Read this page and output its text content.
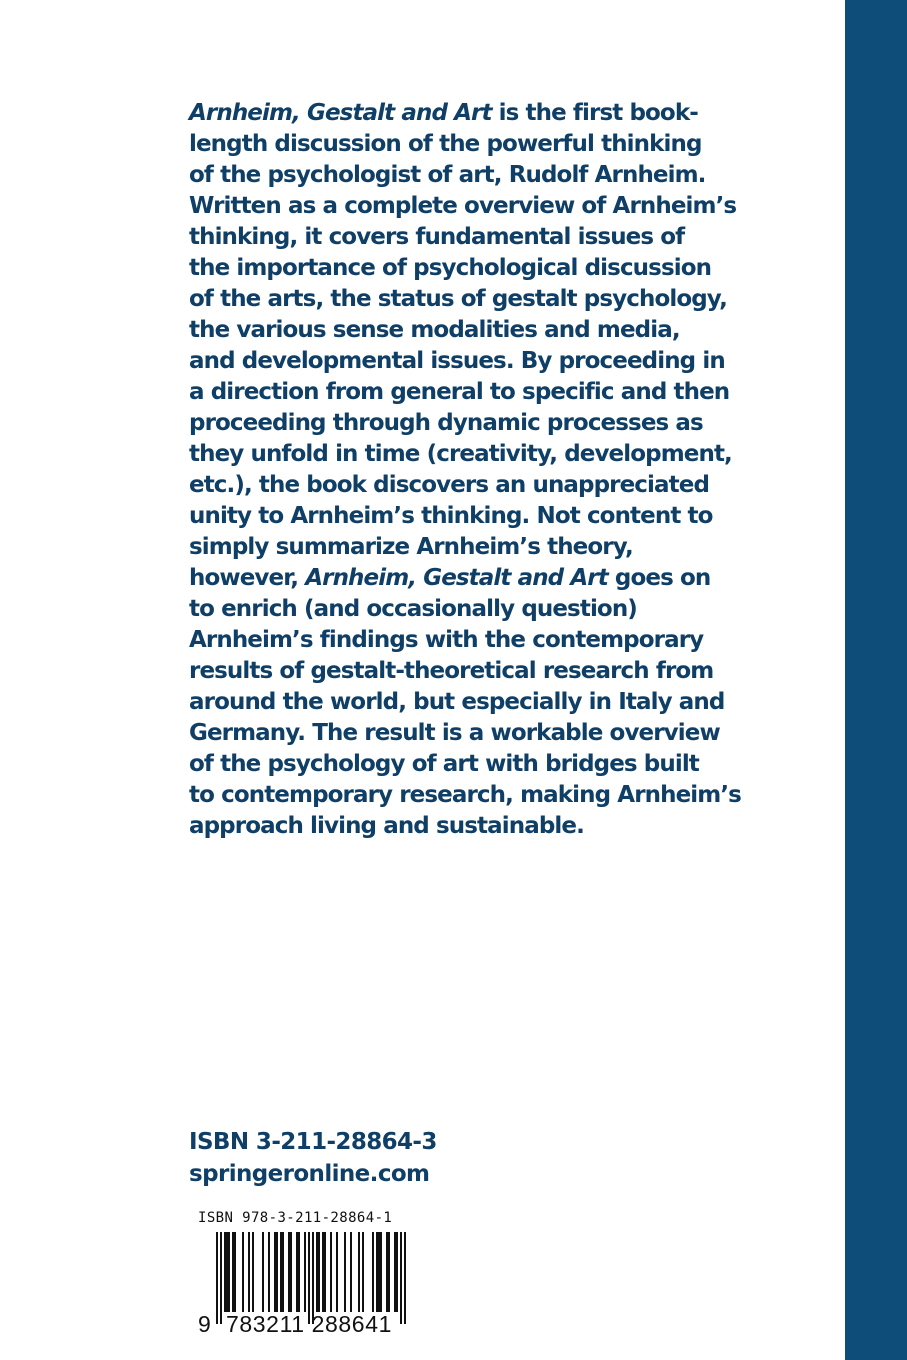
Arnheim, Gestalt and Art is the first book-
length discussion of the powerful thinking
of the psychologist of art, Rudolf Arnheim.
Written as a complete overview of Arnheim’s
thinking, it covers fundamental issues of
the importance of psychological discussion
of the arts, the status of gestalt psychology,
the various sense modalities and media,
and developmental issues. By proceeding in
a direction from general to specific and then
proceeding through dynamic processes as
they unfold in time (creativity, development,
etc.), the book discovers an unappreciated
unity to Arnheim’s thinking. Not content to
simply summarize Arnheim’s theory,
however, Arnheim, Gestalt and Art goes on
to enrich (and occasionally question)
Arnheim’s findings with the contemporary
results of gestalt-theoretical research from
around the world, but especially in Italy and
Germany. The result is a workable overview
of the psychology of art with bridges built
to contemporary research, making Arnheim’s
approach living and sustainable.
ISBN 3-211-28864-3
springeronline.com
ISBN 978-3-211-28864-1
9 783211 288641
